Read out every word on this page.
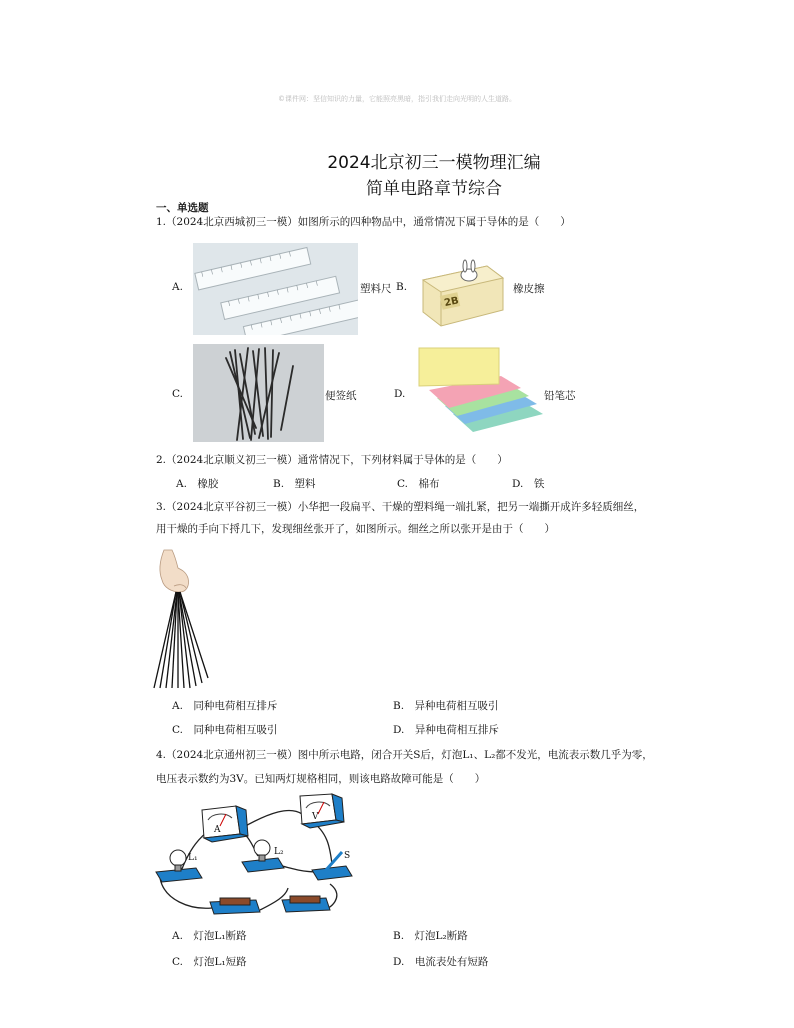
©课件网：坚信知识的力量，它能照亮黑暗，指引我们走向光明的人生道路。
2024北京初三一模物理汇编
简单电路章节综合
一、单选题
1.（2024北京西城初三一模）如图所示的四种物品中，通常情况下属于导体的是（　　）
A.	塑料尺 B.
2B
橡皮擦
C.	便签纸	D.	铅笔芯
2.（2024北京顺义初三一模）通常情况下，下列材料属于导体的是（　　）
A.　橡胶	B.　塑料	C.　棉布	D.　铁
3.（2024北京平谷初三一模）小华把一段扁平、干燥的塑料绳一端扎紧，把另一端撕开成许多轻质细丝，
用干燥的手向下捋几下，发现细丝张开了，如图所示。细丝之所以张开是由于（　　）
A.　同种电荷相互排斥	B.　异种电荷相互吸引
C.　同种电荷相互吸引	D.　异种电荷相互排斥
4.（2024北京通州初三一模）图中所示电路，闭合开关S后，灯泡L₁、L₂都不发光，电流表示数几乎为零，
电压表示数约为3V。已知两灯规格相同，则该电路故障可能是（　　）
A
V
L₁
L₂	S
A.　灯泡L₁断路	B.　灯泡L₂断路
C.　灯泡L₁短路	D.　电流表处有短路
